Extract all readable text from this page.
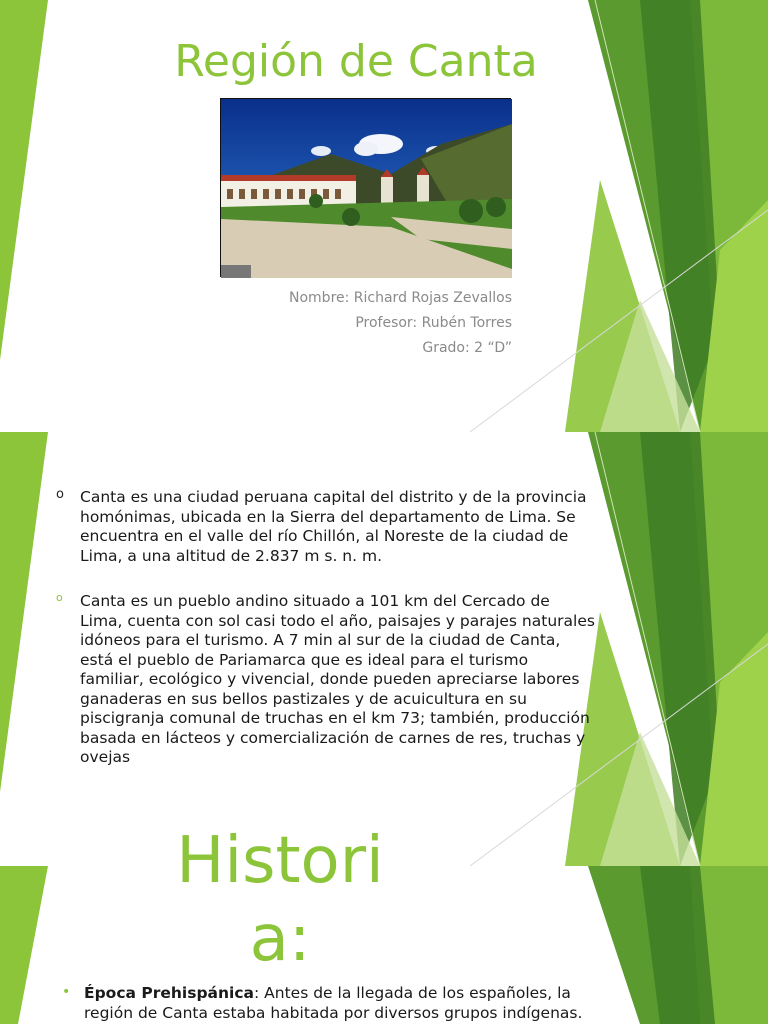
Región de Canta

Nombre: Richard Rojas Zevallos

Profesor: Rubén Torres

Grado: 2 “D”

o Canta es una ciudad peruana capital del distrito y de la provincia homónimas, ubicada en la Sierra del departamento de Lima. Se encuentra en el valle del río Chillón, al Noreste de la ciudad de Lima, a una altitud de 2.837 m s. n. m.
o Canta es un pueblo andino situado a 101 km del Cercado de Lima, cuenta con sol casi todo el año, paisajes y parajes naturales idóneos para el turismo. A 7 min al sur de la ciudad de Canta, está el pueblo de Pariamarca que es ideal para el turismo familiar, ecológico y vivencial, donde pueden apreciarse labores ganaderas en sus bellos pastizales y de acuicultura en su piscigranja comunal de truchas en el km 73; también, producción basada en lácteos y comercialización de carnes de res, truchas y ovejas
Histori
a:
• Época Prehispánica: Antes de la llegada de los españoles, la región de Canta estaba habitada por diversos grupos indígenas.
